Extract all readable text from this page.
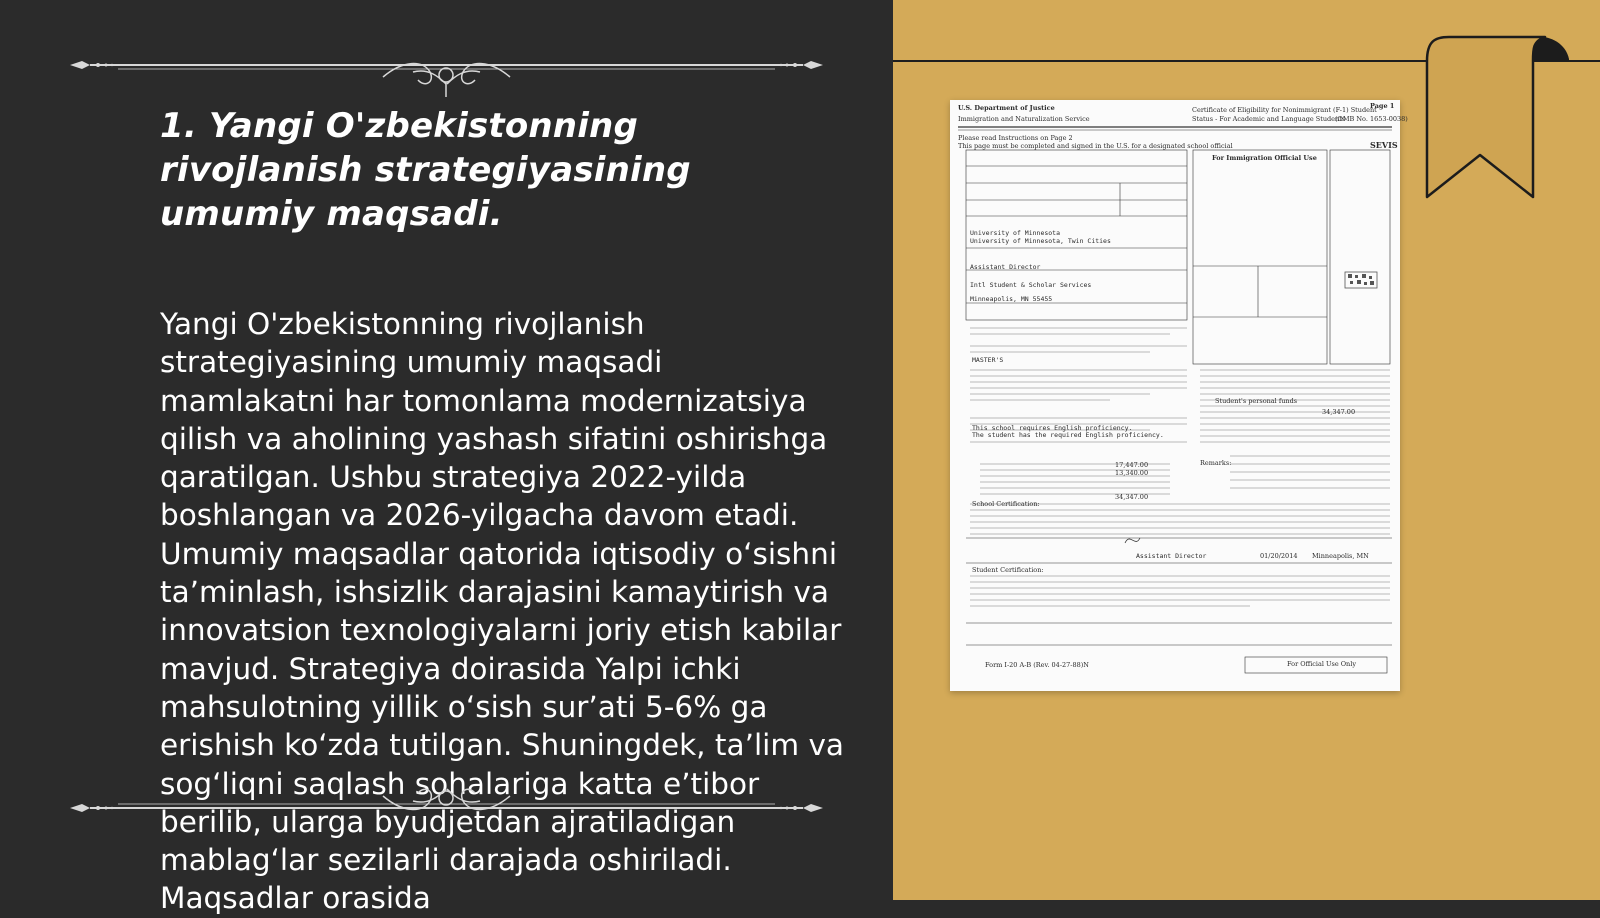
1. Yangi O'zbekistonning rivojlanish strategiyasining umumiy maqsadi.

Yangi O'zbekistonning rivojlanish strategiyasining umumiy maqsadi mamlakatni har tomonlama modernizatsiya qilish va aholining yashash sifatini oshirishga qaratilgan. Ushbu strategiya 2022-yilda boshlangan va 2026-yilgacha davom etadi. Umumiy maqsadlar qatorida iqtisodiy o‘sishni ta’minlash, ishsizlik darajasini kamaytirish va innovatsion texnologiyalarni joriy etish kabilar mavjud. Strategiya doirasida Yalpi ichki mahsulotning yillik o‘sish sur’ati 5-6% ga erishish ko‘zda tutilgan. Shuningdek, ta’lim va sog‘liqni saqlash sohalariga katta e’tibor berilib, ularga byudjetdan ajratiladigan mablag‘lar sezilarli darajada oshiriladi. Maqsadlar orasida

U.S. Department of Justice
Immigration and Naturalization Service
Certificate of Eligibility for Nonimmigrant (F-1) Student
Status - For Academic and Language Students
(OMB No. 1653-0038)
Page 1
Please read Instructions on Page 2
This page must be completed and signed in the U.S. for a designated school official	SEVIS
For Immigration Official Use
University of Minnesota
University of Minnesota, Twin Cities
Assistant Director
Intl Student & Scholar Services
Minneapolis, MN 55455
MASTER'S
This school requires English proficiency.
The student has the required English proficiency.
17,447.00
13,340.00
34,347.00
Student's personal funds
34,347.00
Remarks:
School Certification:
Student Certification:
01/20/2014 Minneapolis, MN
Assistant Director
Form I-20 A-B (Rev. 04-27-88)N	For Official Use Only
